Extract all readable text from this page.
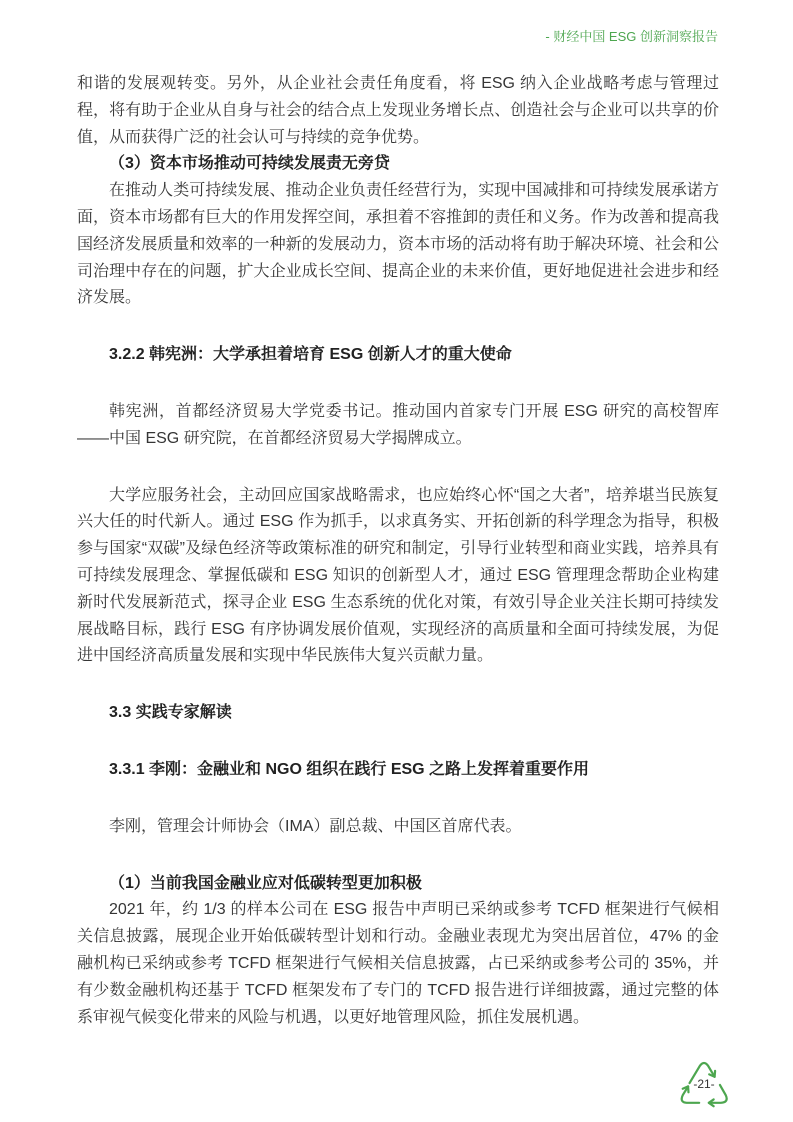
- 财经中国 ESG 创新洞察报告

和谐的发展观转变。另外，从企业社会责任角度看，将 ESG 纳入企业战略考虑与管理过程，将有助于企业从自身与社会的结合点上发现业务增长点、创造社会与企业可以共享的价值，从而获得广泛的社会认可与持续的竞争优势。

（3）资本市场推动可持续发展责无旁贷

在推动人类可持续发展、推动企业负责任经营行为，实现中国减排和可持续发展承诺方面，资本市场都有巨大的作用发挥空间，承担着不容推卸的责任和义务。作为改善和提高我国经济发展质量和效率的一种新的发展动力，资本市场的活动将有助于解决环境、社会和公司治理中存在的问题，扩大企业成长空间、提高企业的未来价值，更好地促进社会进步和经济发展。

3.2.2 韩宪洲：大学承担着培育 ESG 创新人才的重大使命

韩宪洲，首都经济贸易大学党委书记。推动国内首家专门开展 ESG 研究的高校智库——中国 ESG 研究院，在首都经济贸易大学揭牌成立。

大学应服务社会，主动回应国家战略需求，也应始终心怀“国之大者”，培养堪当民族复兴大任的时代新人。通过 ESG 作为抓手，以求真务实、开拓创新的科学理念为指导，积极参与国家“双碳”及绿色经济等政策标准的研究和制定，引导行业转型和商业实践，培养具有可持续发展理念、掌握低碳和 ESG 知识的创新型人才，通过 ESG 管理理念帮助企业构建新时代发展新范式，探寻企业 ESG 生态系统的优化对策，有效引导企业关注长期可持续发展战略目标，践行 ESG 有序协调发展价值观，实现经济的高质量和全面可持续发展，为促进中国经济高质量发展和实现中华民族伟大复兴贡献力量。

3.3 实践专家解读

3.3.1 李刚：金融业和 NGO 组织在践行 ESG 之路上发挥着重要作用

李刚，管理会计师协会（IMA）副总裁、中国区首席代表。

（1）当前我国金融业应对低碳转型更加积极

2021 年，约 1/3 的样本公司在 ESG 报告中声明已采纳或参考 TCFD 框架进行气候相关信息披露，展现企业开始低碳转型计划和行动。金融业表现尤为突出居首位，47% 的金融机构已采纳或参考 TCFD 框架进行气候相关信息披露，占已采纳或参考公司的 35%，并有少数金融机构还基于 TCFD 框架发布了专门的 TCFD 报告进行详细披露，通过完整的体系审视气候变化带来的风险与机遇，以更好地管理风险，抓住发展机遇。

-21-
